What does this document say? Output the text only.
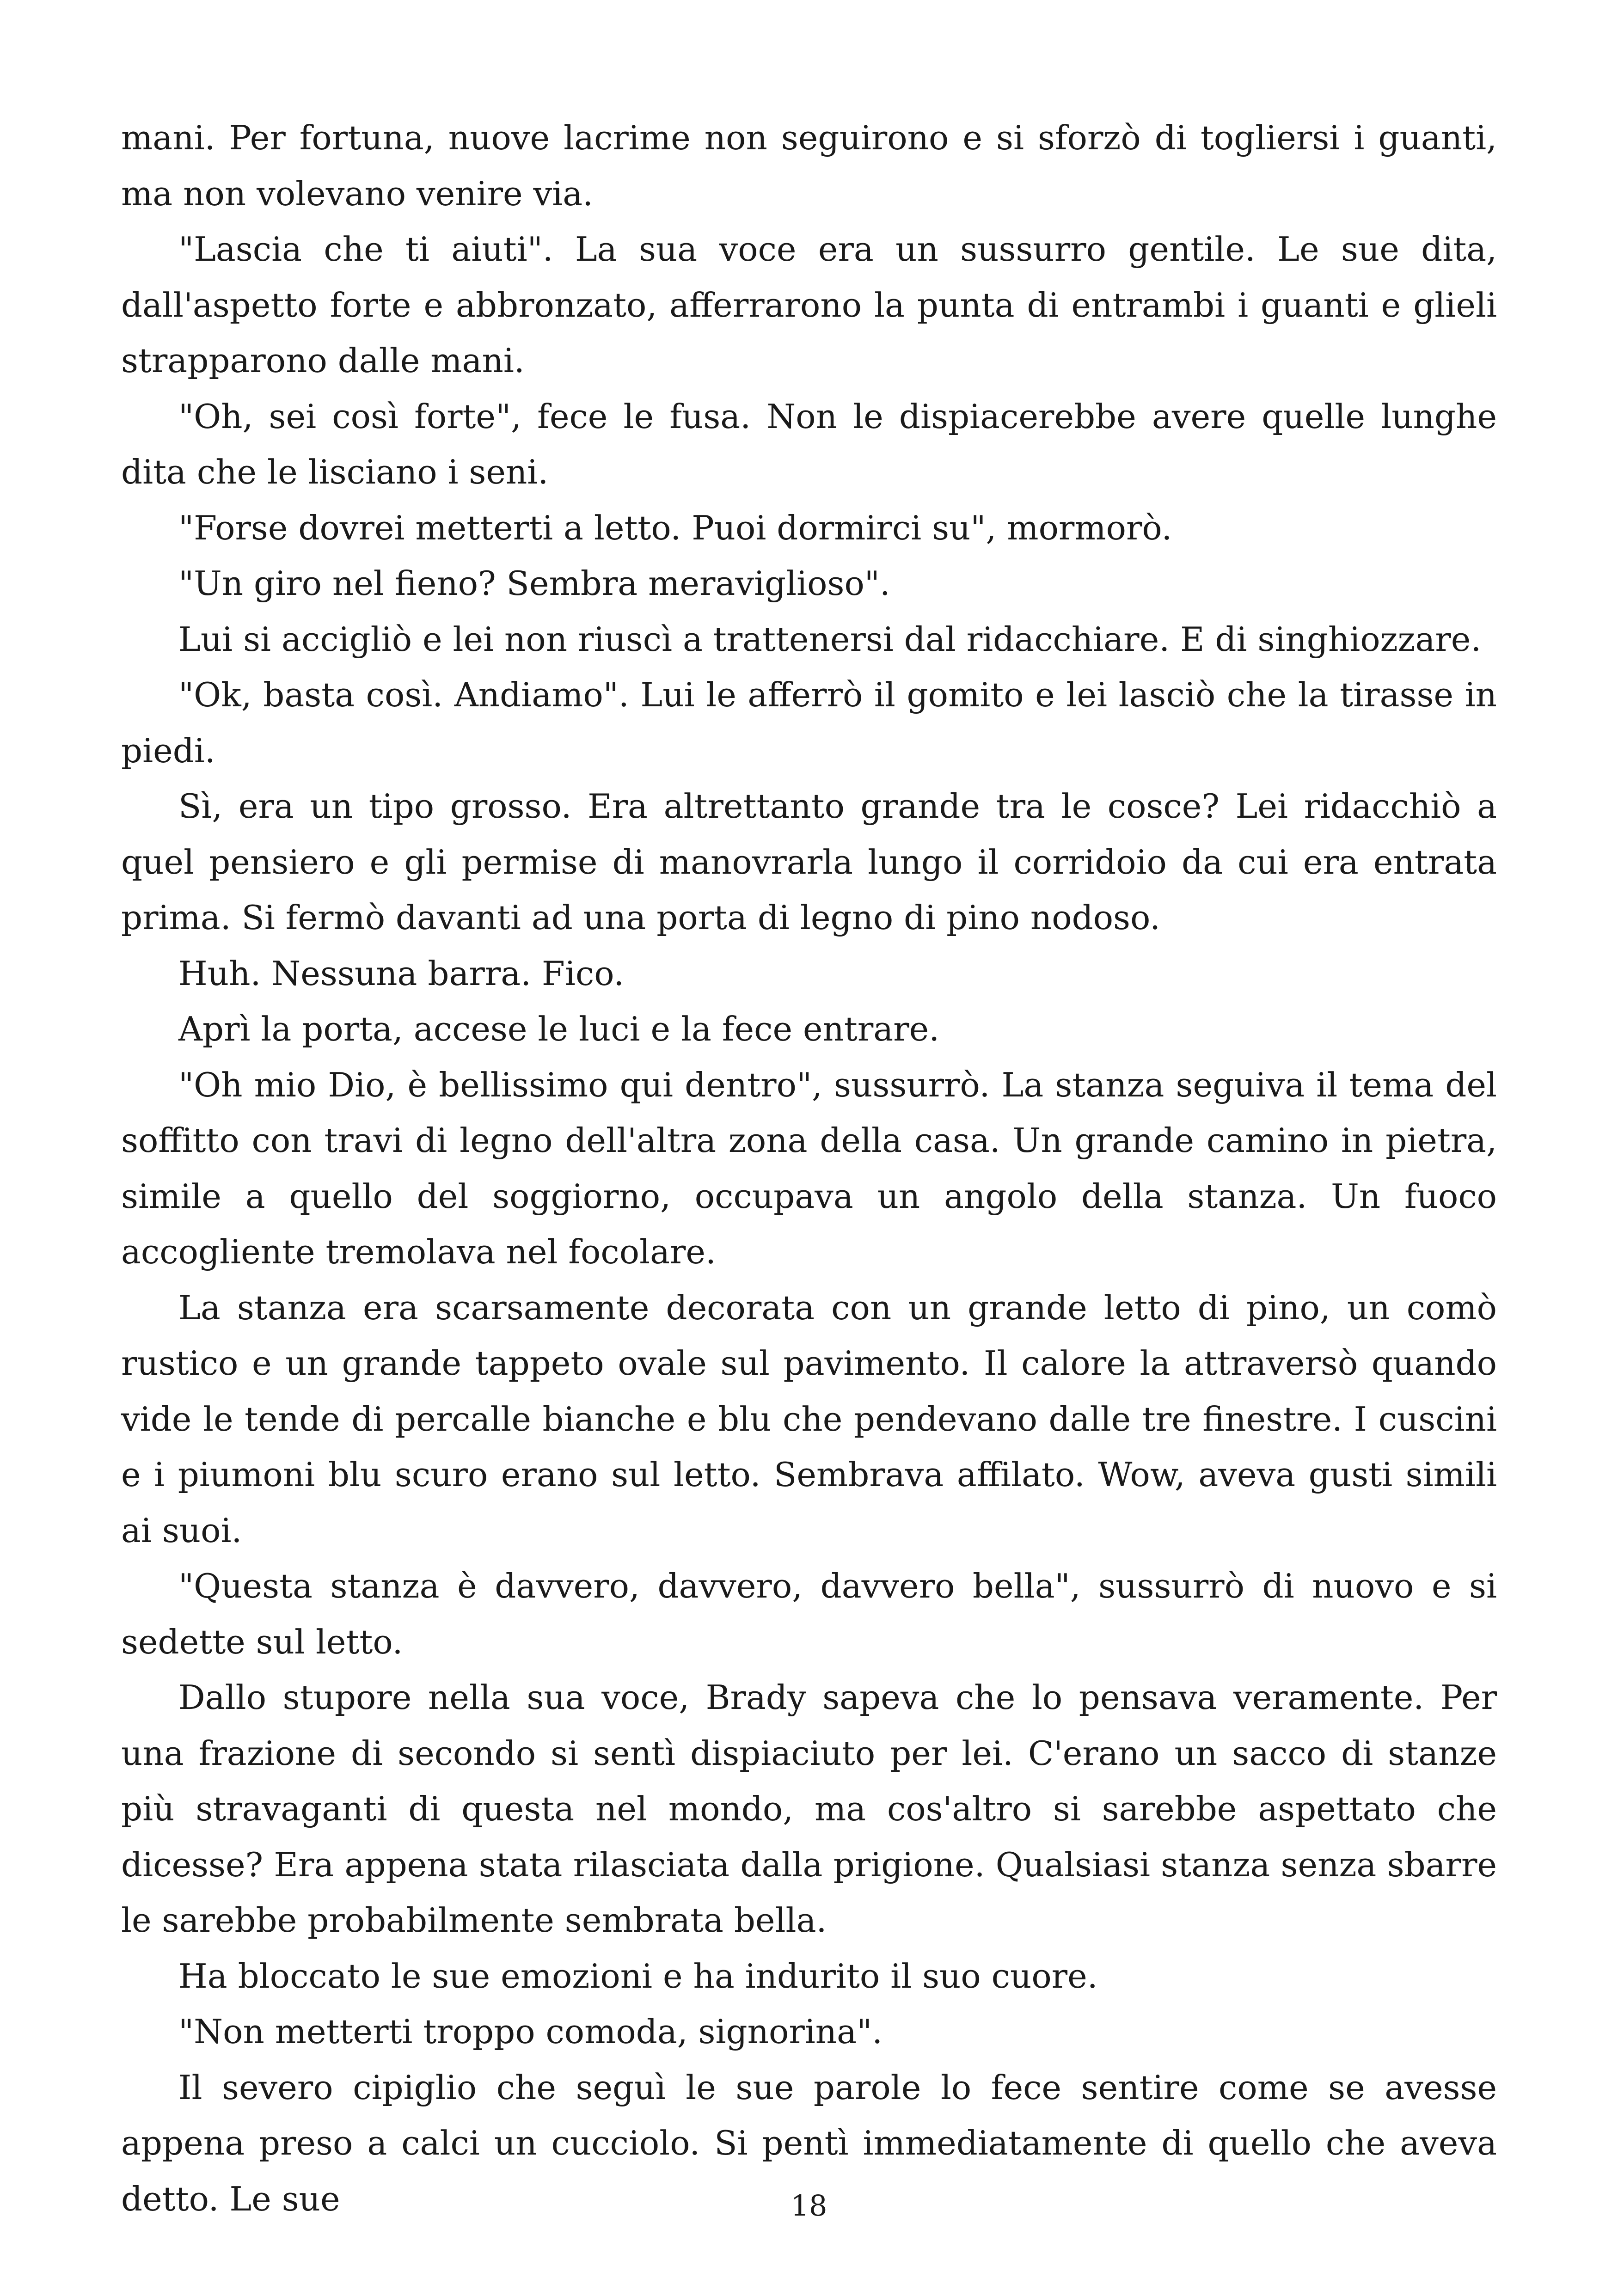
mani. Per fortuna, nuove lacrime non seguirono e si sforzò di togliersi i guanti, ma non volevano venire via.

"Lascia che ti aiuti". La sua voce era un sussurro gentile. Le sue dita, dall'aspetto forte e abbronzato, afferrarono la punta di entrambi i guanti e glieli strapparono dalle mani.

"Oh, sei così forte", fece le fusa. Non le dispiacerebbe avere quelle lunghe dita che le lisciano i seni.

"Forse dovrei metterti a letto. Puoi dormirci su", mormorò.

"Un giro nel fieno? Sembra meraviglioso".

Lui si accigliò e lei non riuscì a trattenersi dal ridacchiare. E di singhiozzare.

"Ok, basta così. Andiamo". Lui le afferrò il gomito e lei lasciò che la tirasse in piedi.

Sì, era un tipo grosso. Era altrettanto grande tra le cosce? Lei ridacchiò a quel pensiero e gli permise di manovrarla lungo il corridoio da cui era entrata prima. Si fermò davanti ad una porta di legno di pino nodoso.

Huh. Nessuna barra. Fico.

Aprì la porta, accese le luci e la fece entrare.

"Oh mio Dio, è bellissimo qui dentro", sussurrò. La stanza seguiva il tema del soffitto con travi di legno dell'altra zona della casa. Un grande camino in pietra, simile a quello del soggiorno, occupava un angolo della stanza. Un fuoco accogliente tremolava nel focolare.

La stanza era scarsamente decorata con un grande letto di pino, un comò rustico e un grande tappeto ovale sul pavimento. Il calore la attraversò quando vide le tende di percalle bianche e blu che pendevano dalle tre finestre. I cuscini e i piumoni blu scuro erano sul letto. Sembrava affilato. Wow, aveva gusti simili ai suoi.

"Questa stanza è davvero, davvero, davvero bella", sussurrò di nuovo e si sedette sul letto.

Dallo stupore nella sua voce, Brady sapeva che lo pensava veramente. Per una frazione di secondo si sentì dispiaciuto per lei. C'erano un sacco di stanze più stravaganti di questa nel mondo, ma cos'altro si sarebbe aspettato che dicesse? Era appena stata rilasciata dalla prigione. Qualsiasi stanza senza sbarre le sarebbe probabilmente sembrata bella.

Ha bloccato le sue emozioni e ha indurito il suo cuore.

"Non metterti troppo comoda, signorina".

Il severo cipiglio che seguì le sue parole lo fece sentire come se avesse appena preso a calci un cucciolo. Si pentì immediatamente di quello che aveva detto. Le sue	18
